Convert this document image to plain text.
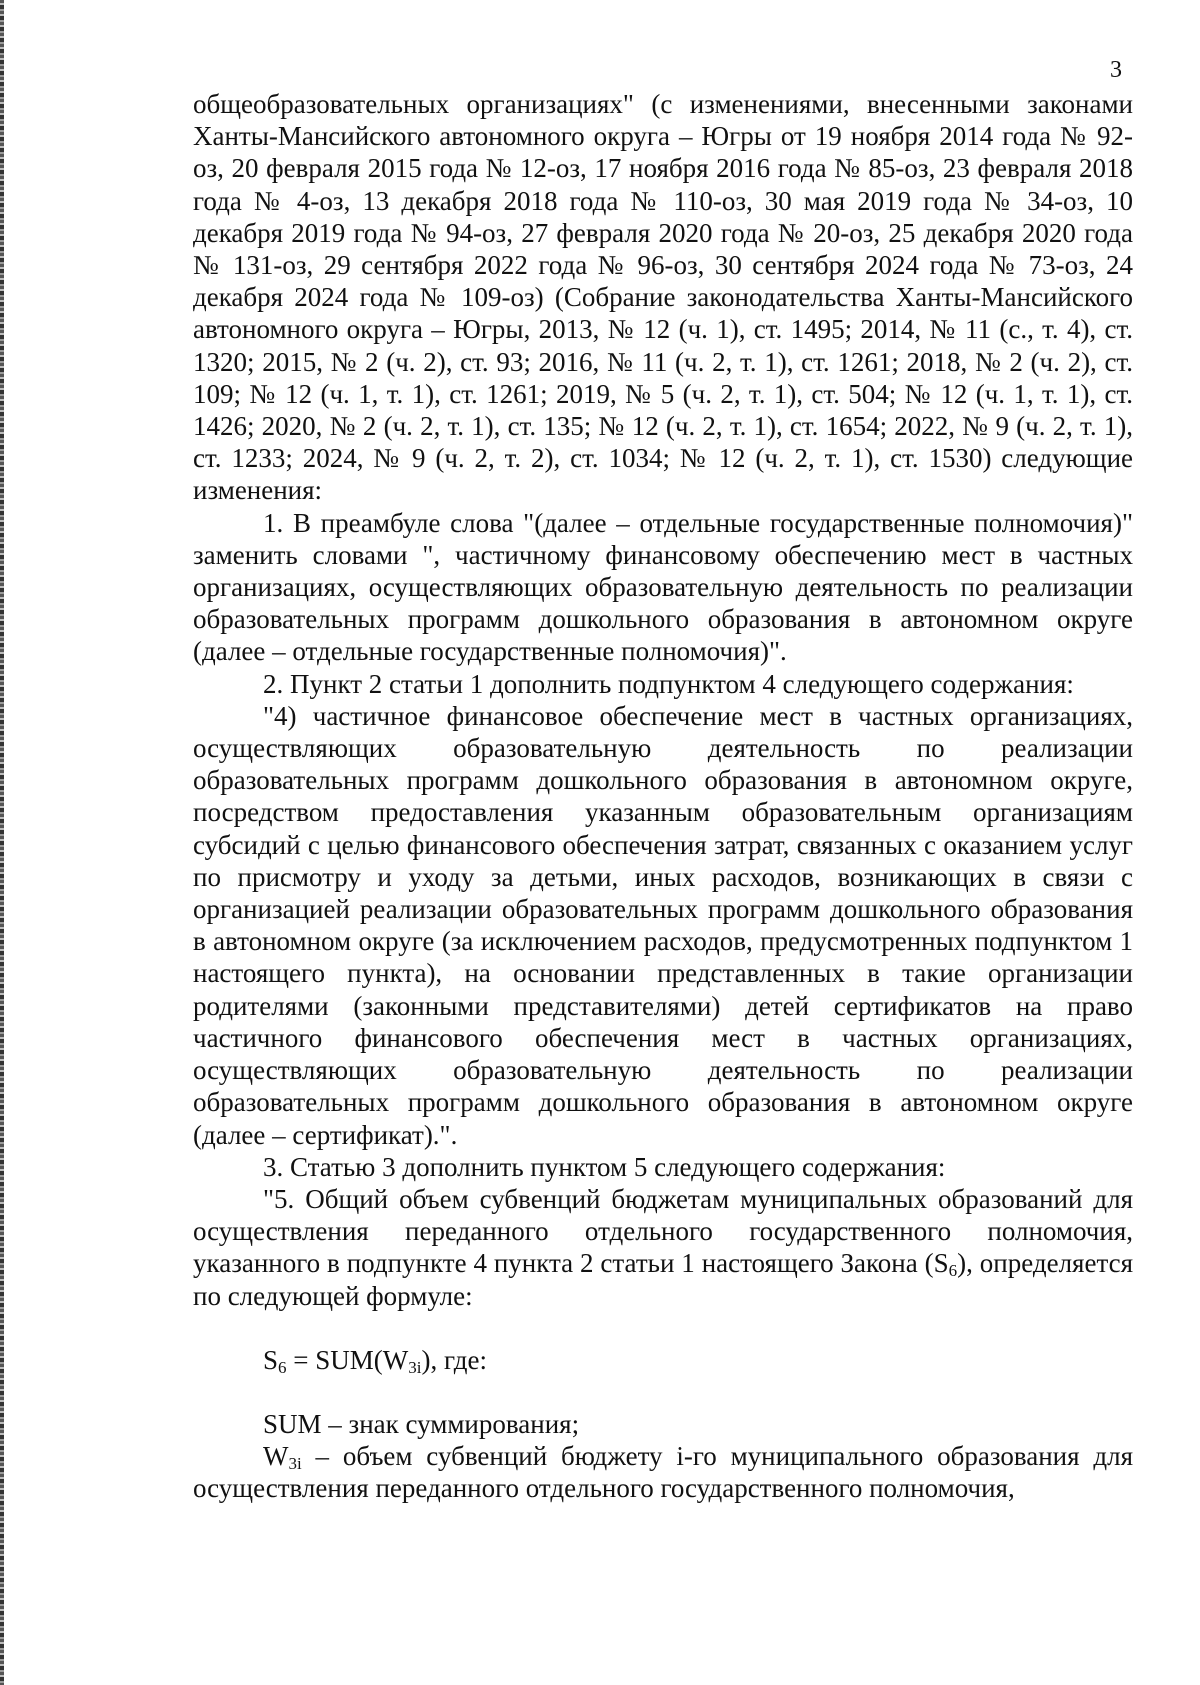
3

общеобразовательных организациях" (с изменениями, внесенными законами Ханты-Мансийского автономного округа – Югры от 19 ноября 2014 года № 92-оз, 20 февраля 2015 года № 12-оз, 17 ноября 2016 года № 85-оз, 23 февраля 2018 года № 4-оз, 13 декабря 2018 года № 110-оз, 30 мая 2019 года № 34-оз, 10 декабря 2019 года № 94-оз, 27 февраля 2020 года № 20-оз, 25 декабря 2020 года № 131-оз, 29 сентября 2022 года № 96-оз, 30 сентября 2024 года № 73-оз, 24 декабря 2024 года № 109-оз) (Собрание законодательства Ханты-Мансийского автономного округа – Югры, 2013, № 12 (ч. 1), ст. 1495; 2014, № 11 (с., т. 4), ст. 1320; 2015, № 2 (ч. 2), ст. 93; 2016, № 11 (ч. 2, т. 1), ст. 1261; 2018, № 2 (ч. 2), ст. 109; № 12 (ч. 1, т. 1), ст. 1261; 2019, № 5 (ч. 2, т. 1), ст. 504; № 12 (ч. 1, т. 1), ст. 1426; 2020, № 2 (ч. 2, т. 1), ст. 135; № 12 (ч. 2, т. 1), ст. 1654; 2022, № 9 (ч. 2, т. 1), ст. 1233; 2024, № 9 (ч. 2, т. 2), ст. 1034; № 12 (ч. 2, т. 1), ст. 1530) следующие изменения:

1. В преамбуле слова "(далее – отдельные государственные полномочия)" заменить словами ", частичному финансовому обеспечению мест в частных организациях, осуществляющих образовательную деятельность по реализации образовательных программ дошкольного образования в автономном округе (далее – отдельные государственные полномочия)".

2. Пункт 2 статьи 1 дополнить подпунктом 4 следующего содержания:

"4) частичное финансовое обеспечение мест в частных организациях, осуществляющих образовательную деятельность по реализации образовательных программ дошкольного образования в автономном округе, посредством предоставления указанным образовательным организациям субсидий с целью финансового обеспечения затрат, связанных с оказанием услуг по присмотру и уходу за детьми, иных расходов, возникающих в связи с организацией реализации образовательных программ дошкольного образования в автономном округе (за исключением расходов, предусмотренных подпунктом 1 настоящего пункта), на основании представленных в такие организации родителями (законными представителями) детей сертификатов на право частичного финансового обеспечения мест в частных организациях, осуществляющих образовательную деятельность по реализации образовательных программ дошкольного образования в автономном округе (далее – сертификат).".

3. Статью 3 дополнить пунктом 5 следующего содержания:

"5. Общий объем субвенций бюджетам муниципальных образований для осуществления переданного отдельного государственного полномочия, указанного в подпункте 4 пункта 2 статьи 1 настоящего Закона $(S_6)$, определяется по следующей формуле:

$S_6 = SUM(W_{3i})$, где:

SUM – знак суммирования;

$W_{3i}$ – объем субвенций бюджету i-го муниципального образования для осуществления переданного отдельного государственного полномочия,
